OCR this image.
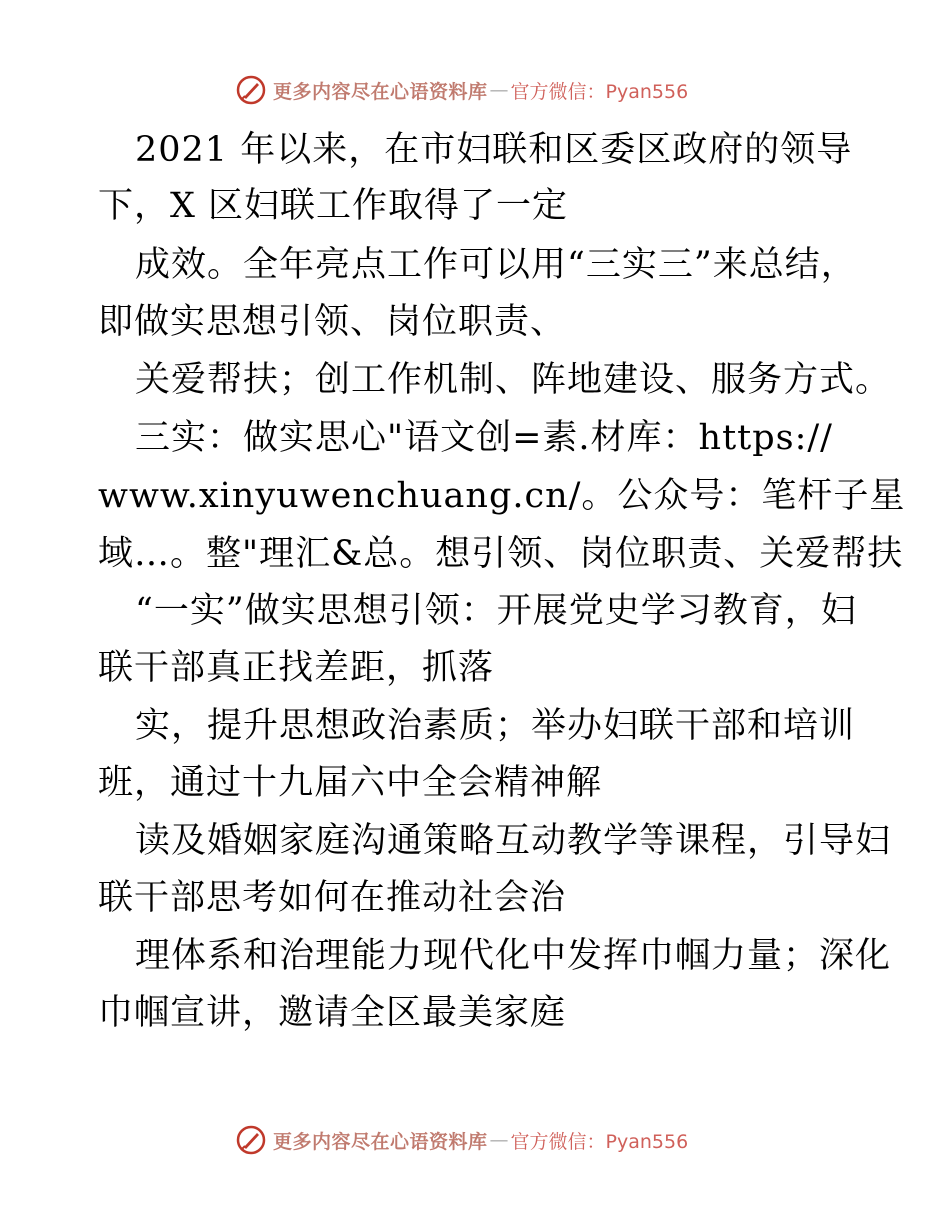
更多内容尽在心语资料库 — 官方微信：Pyan556
2021 年以来，在市妇联和区委区政府的领导
下，X 区妇联工作取得了一定
成效。全年亮点工作可以用“三实三”来总结，
即做实思想引领、岗位职责、
关爱帮扶；创工作机制、阵地建设、服务方式。
三实：做实思心"语文创=素.材库：https://
www.xinyuwenchuang.cn/。公众号：笔杆子星
域…。整"理汇&总。想引领、岗位职责、关爱帮扶
“一实”做实思想引领：开展党史学习教育，妇
联干部真正找差距，抓落
实，提升思想政治素质；举办妇联干部和培训
班，通过十九届六中全会精神解
读及婚姻家庭沟通策略互动教学等课程，引导妇
联干部思考如何在推动社会治
理体系和治理能力现代化中发挥巾帼力量；深化
巾帼宣讲，邀请全区最美家庭
更多内容尽在心语资料库 — 官方微信：Pyan556
